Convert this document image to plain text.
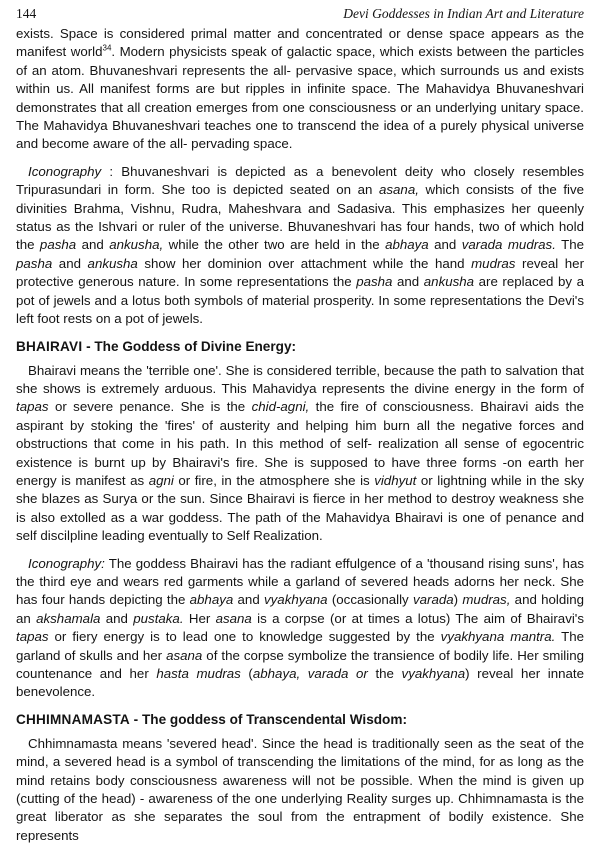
144	Devi Goddesses in Indian Art and Literature

exists. Space is considered primal matter and concentrated or dense space appears as the manifest world$^{34}$. Modern physicists speak of galactic space, which exists between the particles of an atom. Bhuvaneshvari represents the all- pervasive space, which surrounds us and exists within us. All manifest forms are but ripples in infinite space. The Mahavidya Bhuvaneshvari demonstrates that all creation emerges from one consciousness or an underlying unitary space. The Mahavidya Bhuvaneshvari teaches one to transcend the idea of a purely physical universe and become aware of the all- pervading space.

Iconography : Bhuvaneshvari is depicted as a benevolent deity who closely resembles Tripurasundari in form. She too is depicted seated on an asana, which consists of the five divinities Brahma, Vishnu, Rudra, Maheshvara and Sadasiva. This emphasizes her queenly status as the Ishvari or ruler of the universe. Bhuvaneshvari has four hands, two of which hold the pasha and ankusha, while the other two are held in the abhaya and varada mudras. The pasha and ankusha show her dominion over attachment while the hand mudras reveal her protective generous nature. In some representations the pasha and ankusha are replaced by a pot of jewels and a lotus both symbols of material prosperity. In some representations the Devi's left foot rests on a pot of jewels.

BHAIRAVI - The Goddess of Divine Energy:

Bhairavi means the 'terrible one'. She is considered terrible, because the path to salvation that she shows is extremely arduous. This Mahavidya represents the divine energy in the form of tapas or severe penance. She is the chid-agni, the fire of consciousness. Bhairavi aids the aspirant by stoking the 'fires' of austerity and helping him burn all the negative forces and obstructions that come in his path. In this method of self- realization all sense of egocentric existence is burnt up by Bhairavi's fire. She is supposed to have three forms -on earth her energy is manifest as agni or fire, in the atmosphere she is vidhyut or lightning while in the sky she blazes as Surya or the sun. Since Bhairavi is fierce in her method to destroy weakness she is also extolled as a war goddess. The path of the Mahavidya Bhairavi is one of penance and self discilpline leading eventually to Self Realization.

Iconography: The goddess Bhairavi has the radiant effulgence of a 'thousand rising suns', has the third eye and wears red garments while a garland of severed heads adorns her neck. She has four hands depicting the abhaya and vyakhyana (occasionally varada) mudras, and holding an akshamala and pustaka. Her asana is a corpse (or at times a lotus) The aim of Bhairavi's tapas or fiery energy is to lead one to knowledge suggested by the vyakhyana mantra. The garland of skulls and her asana of the corpse symbolize the transience of bodily life. Her smiling countenance and her hasta mudras (abhaya, varada or the vyakhyana) reveal her innate benevolence.

CHHIMNAMASTA - The goddess of Transcendental Wisdom:

Chhimnamasta means 'severed head'. Since the head is traditionally seen as the seat of the mind, a severed head is a symbol of transcending the limitations of the mind, for as long as the mind retains body consciousness awareness will not be possible. When the mind is given up (cutting of the head) - awareness of the one underlying Reality surges up. Chhimnamasta is the great liberator as she separates the soul from the entrapment of bodily existence. She represents
